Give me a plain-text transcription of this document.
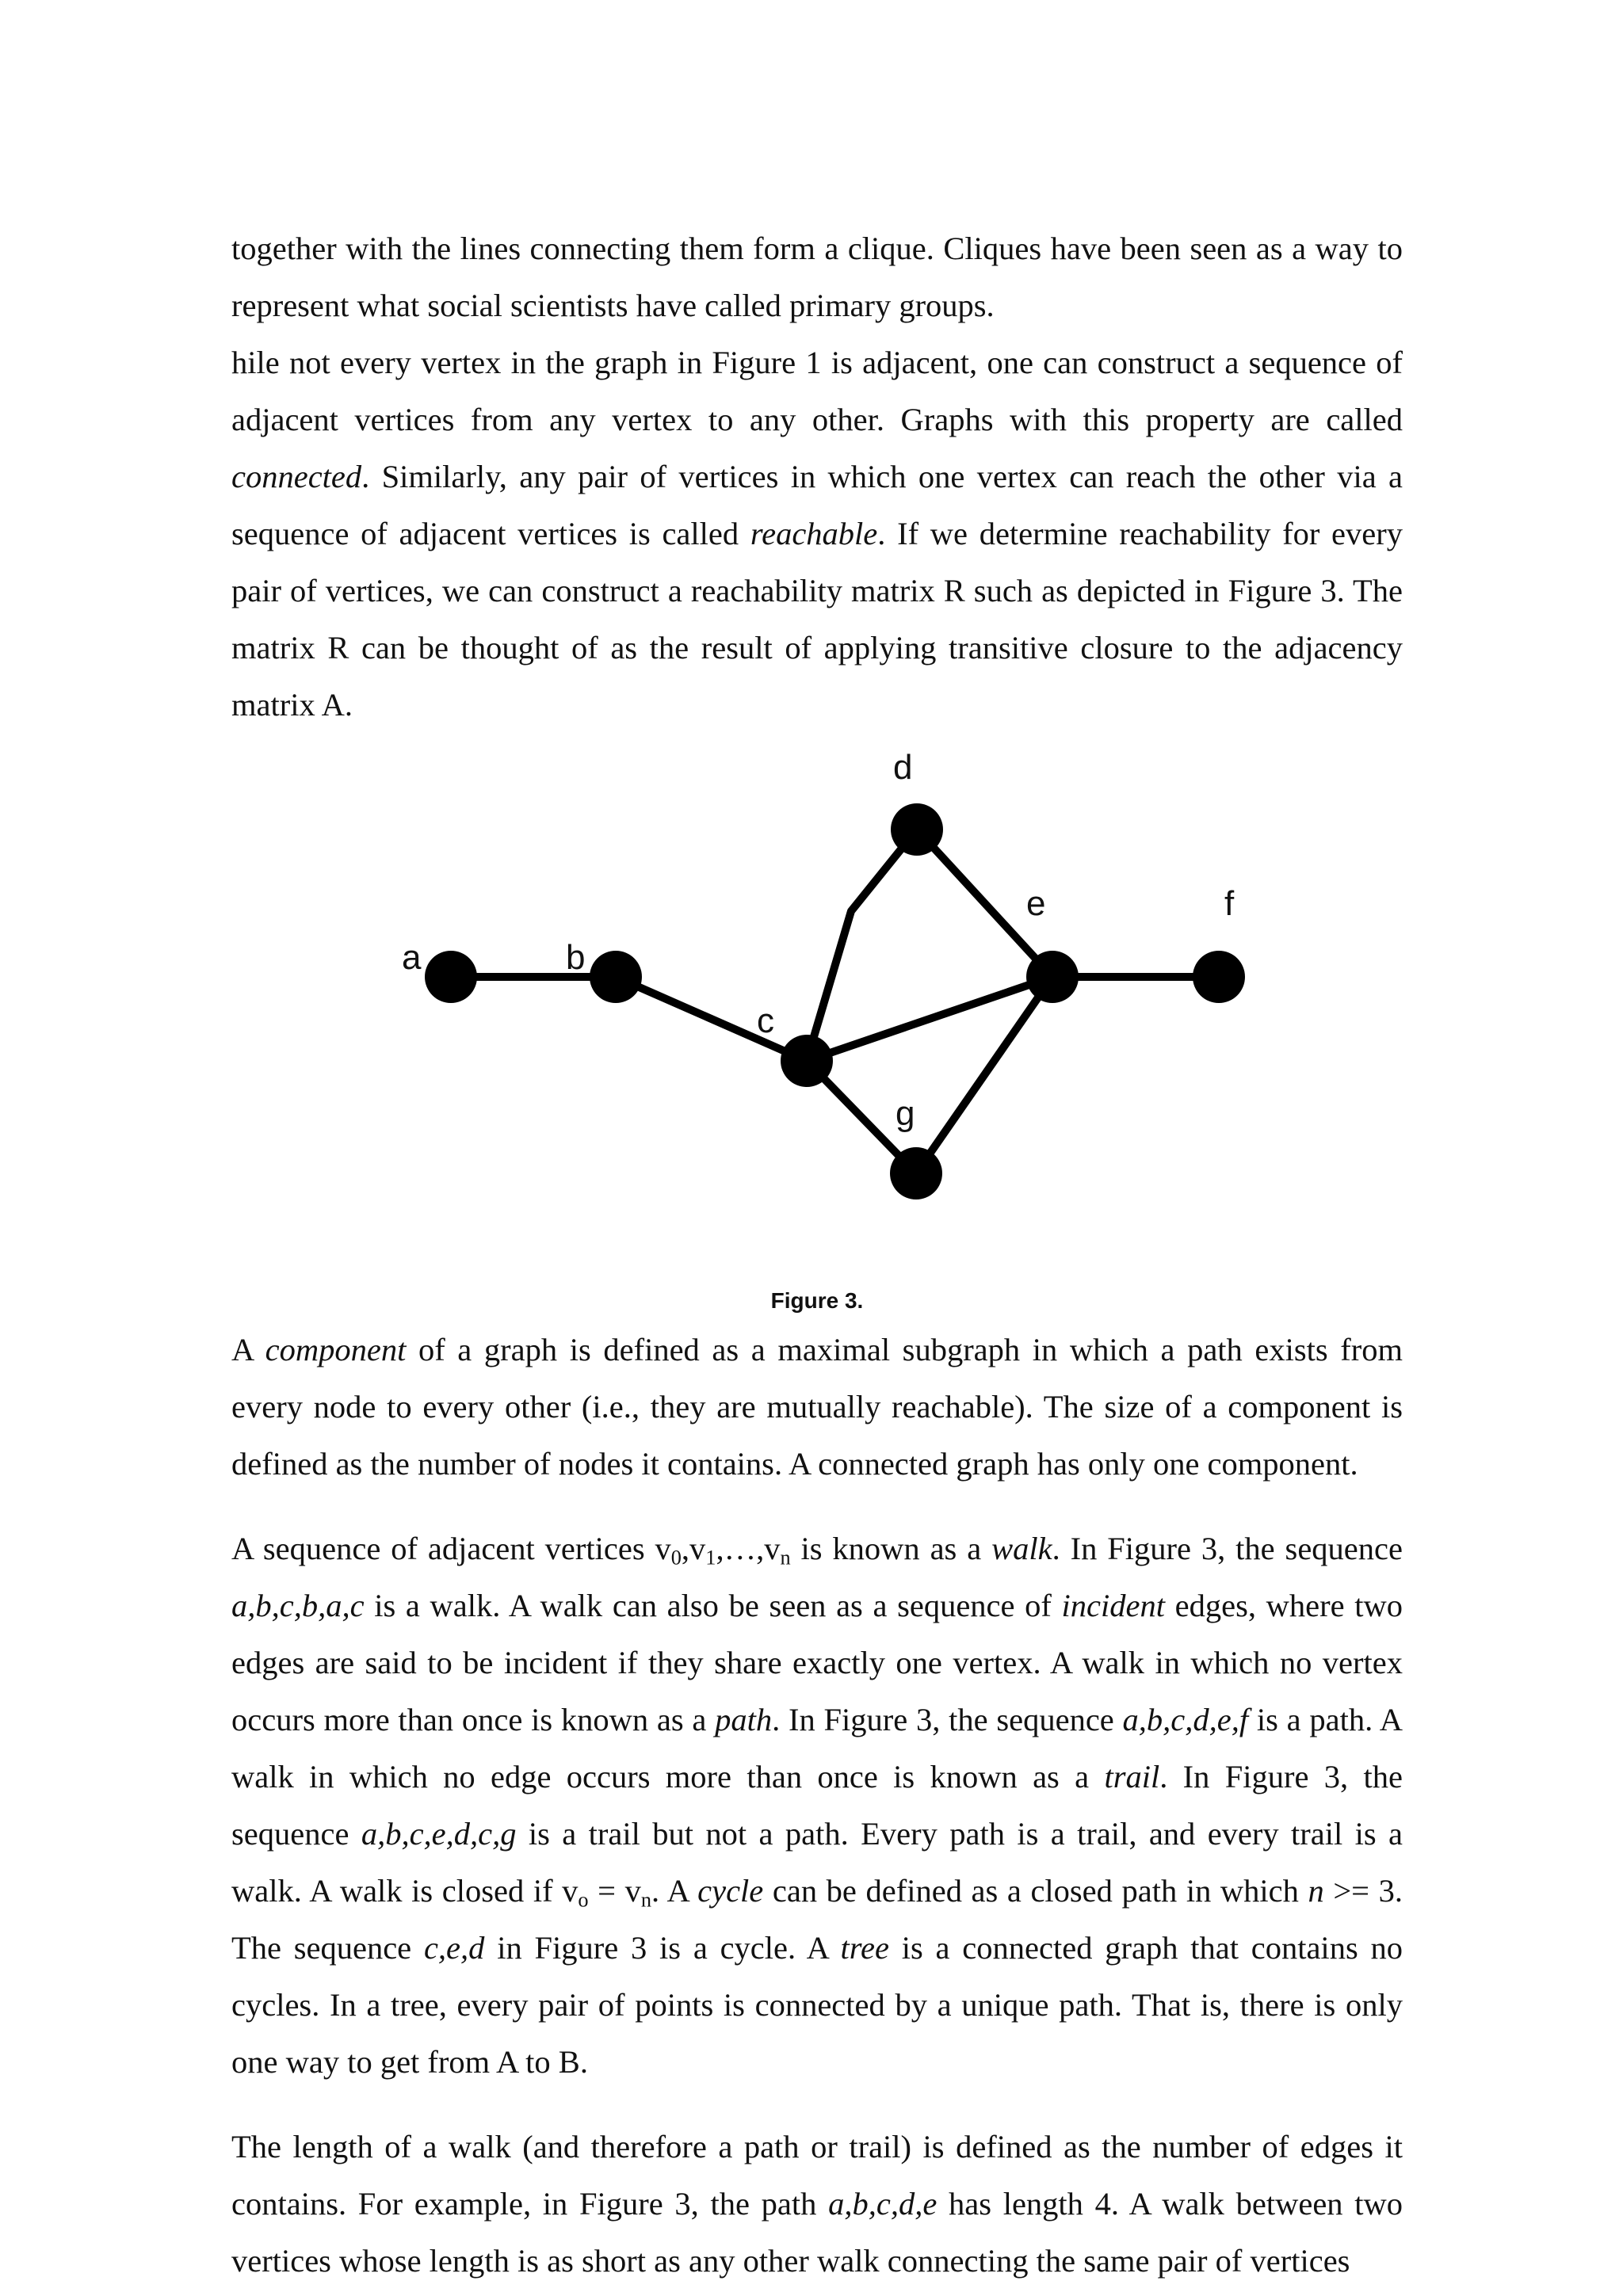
together with the lines connecting them form a clique. Cliques have been seen as a way to represent what social scientists have called primary groups.

hile not every vertex in the graph in Figure 1 is adjacent, one can construct a sequence of adjacent vertices from any vertex to any other. Graphs with this property are called connected. Similarly, any pair of vertices in which one vertex can reach the other via a sequence of adjacent vertices is called reachable. If we determine reachability for every pair of vertices, we can construct a reachability matrix R such as depicted in Figure 3. The matrix R can be thought of as the result of applying transitive closure to the adjacency matrix A.

a	b
c
d
e	f
g

Figure 3.

A component of a graph is defined as a maximal subgraph in which a path exists from every node to every other (i.e., they are mutually reachable). The size of a component is defined as the number of nodes it contains. A connected graph has only one component.

A sequence of adjacent vertices $v_0,v_1,\dots,v_n$ is known as a walk. In Figure 3, the sequence a,b,c,b,a,c is a walk. A walk can also be seen as a sequence of incident edges, where two edges are said to be incident if they share exactly one vertex. A walk in which no vertex occurs more than once is known as a path. In Figure 3, the sequence a,b,c,d,e,f is a path. A walk in which no edge occurs more than once is known as a trail. In Figure 3, the sequence a,b,c,e,d,c,g is a trail but not a path. Every path is a trail, and every trail is a walk. A walk is closed if $v_o = v_n$. A cycle can be defined as a closed path in which n >= 3. The sequence c,e,d in Figure 3 is a cycle. A tree is a connected graph that contains no cycles. In a tree, every pair of points is connected by a unique path. That is, there is only one way to get from A to B.

The length of a walk (and therefore a path or trail) is defined as the number of edges it contains. For example, in Figure 3, the path a,b,c,d,e has length 4. A walk between two vertices whose length is as short as any other walk connecting the same pair of vertices
